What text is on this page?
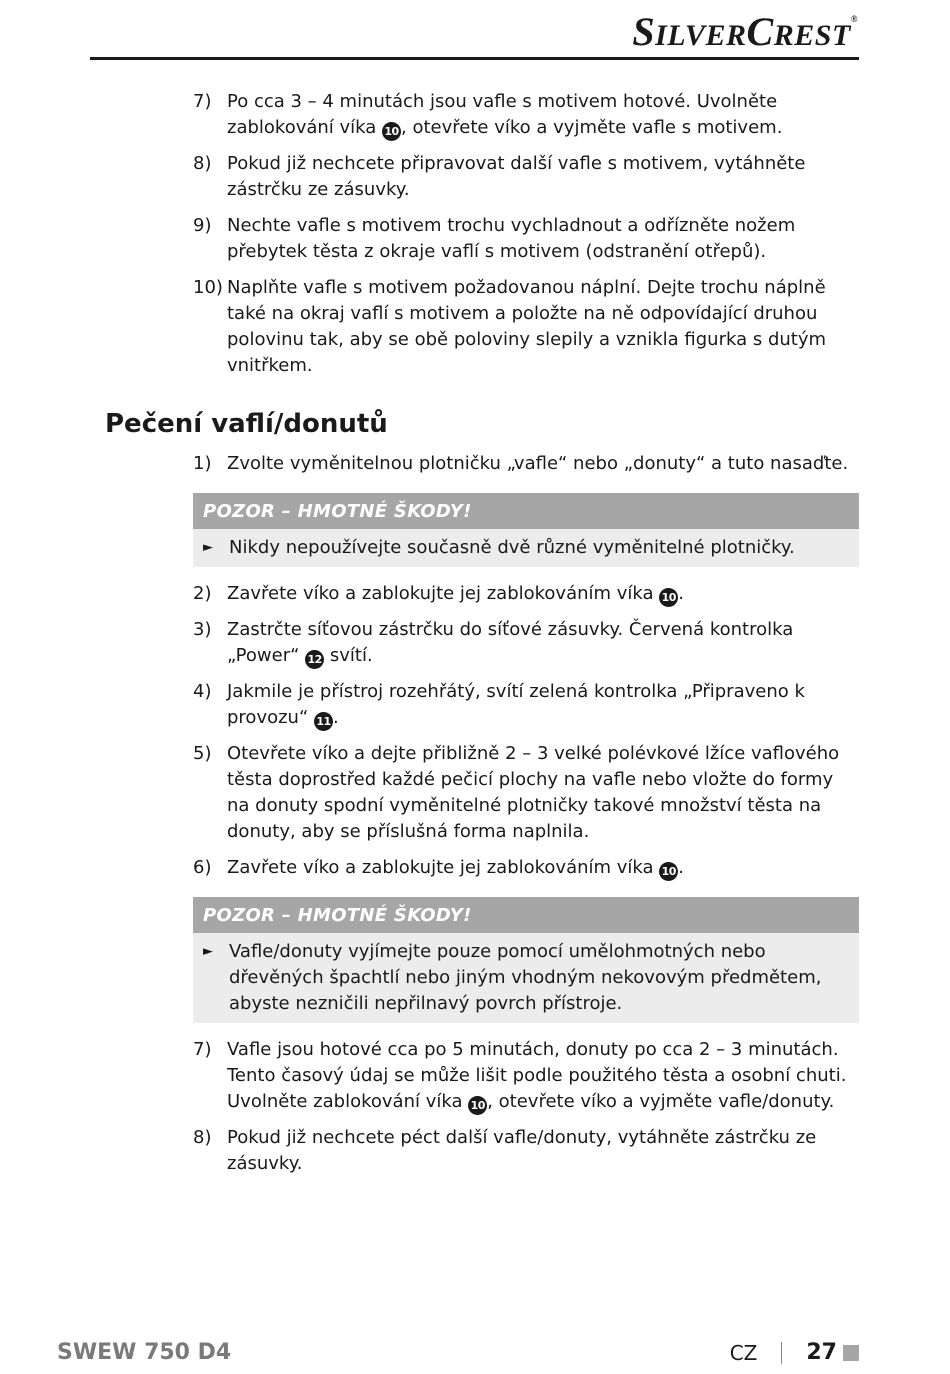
SILVERCREST®
7) Po cca 3 – 4 minutách jsou vafle s motivem hotové. Uvolněte zablokování víka 10 , otevřete víko a vyjměte vafle s motivem.
8) Pokud již nechcete připravovat další vafle s motivem, vytáhněte zástrčku ze zásuvky.
9) Nechte vafle s motivem trochu vychladnout a odřízněte nožem přebytek těsta z okraje vaflí s motivem (odstranění otřepů).
10) Naplňte vafle s motivem požadovanou náplní. Dejte trochu náplně také na okraj vaflí s motivem a položte na ně odpovídající druhou polovinu tak, aby se obě poloviny slepily a vznikla figurka s dutým vnitřkem.
Pečení vaflí/donutů
1) Zvolte vyměnitelnou plotničku „vafle“ nebo „donuty“ a tuto nasaďte.
POZOR – HMOTNÉ ŠKODY!
► Nikdy nepoužívejte současně dvě různé vyměnitelné plotničky.
2) Zavřete víko a zablokujte jej zablokováním víka 10 .
3) Zastrčte síťovou zástrčku do síťové zásuvky. Červená kontrolka „Power“ 12 svítí.
4) Jakmile je přístroj rozehřátý, svítí zelená kontrolka „Připraveno k provozu“ 11 .
5) Otevřete víko a dejte přibližně 2 – 3 velké polévkové lžíce vaflového těsta doprostřed každé pečicí plochy na vafle nebo vložte do formy na donuty spodní vyměnitelné plotničky takové množství těsta na donuty, aby se příslušná forma naplnila.
6) Zavřete víko a zablokujte jej zablokováním víka 10 .
POZOR – HMOTNÉ ŠKODY!
► Vafle/donuty vyjímejte pouze pomocí umělohmotných nebo dřevěných špachtlí nebo jiným vhodným nekovovým předmětem, abyste nezničili nepřilnavý povrch přístroje.
7) Vafle jsou hotové cca po 5 minutách, donuty po cca 2 – 3 minutách. Tento časový údaj se může lišit podle použitého těsta a osobní chuti. Uvolněte zablokování víka 10 , otevřete víko a vyjměte vafle/donuty.
8) Pokud již nechcete péct další vafle/donuty, vytáhněte zástrčku ze zásuvky.
SWEW 750 D4	CZ 27
